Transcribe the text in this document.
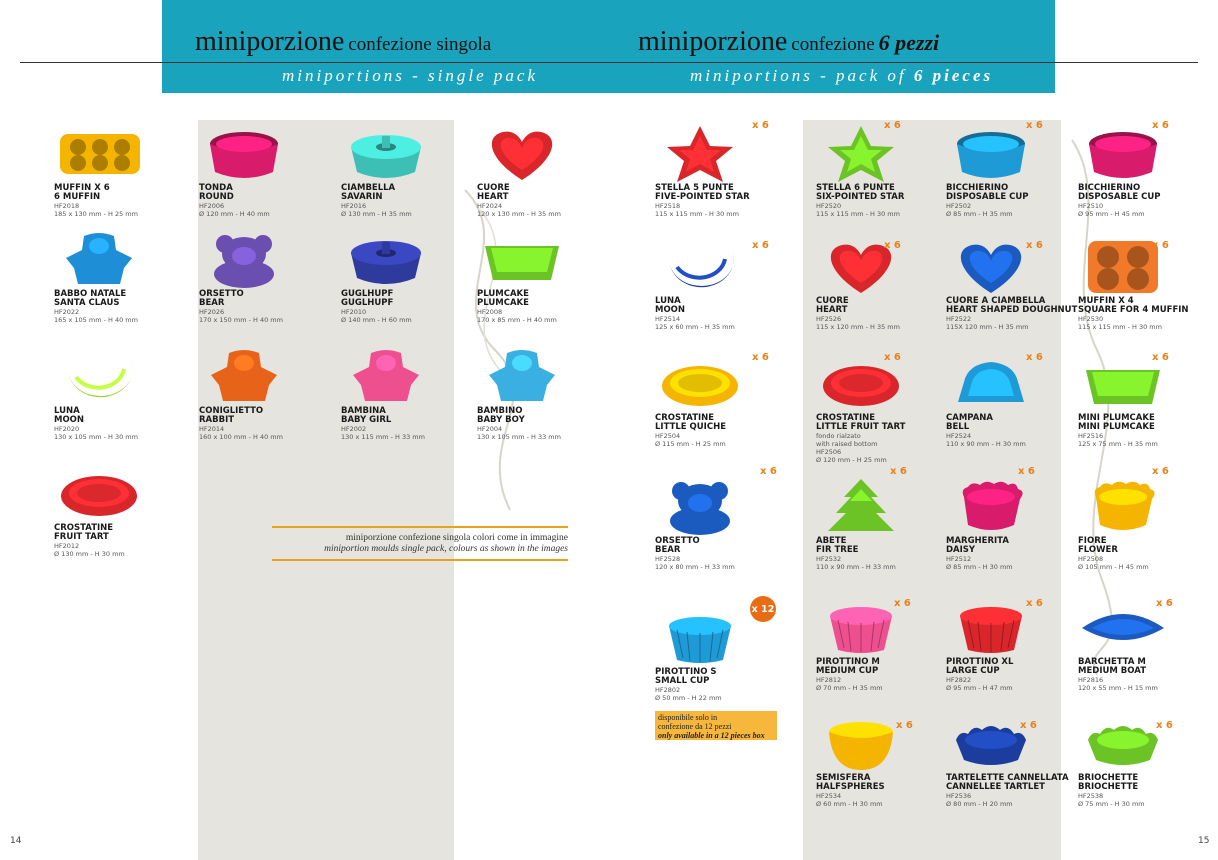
miniporzione confezione singola
miniportions - single pack
miniporzione confezione 6 pezzi
miniportions - pack of 6 pieces
MUFFIN X 6
6 MUFFIN
HF2018
185 x 130 mm - H 25 mm
TONDA
ROUND
HF2006
Ø 120 mm - H 40 mm
CIAMBELLA
SAVARIN
HF2016
Ø 130 mm - H 35 mm
CUORE
HEART
HF2024
120 x 130 mm - H 35 mm
BABBO NATALE
SANTA CLAUS
HF2022
165 x 105 mm - H 40 mm
ORSETTO
BEAR
HF2026
170 x 150 mm - H 40 mm
GUGLHUPF
GUGLHUPF
HF2010
Ø 140 mm - H 60 mm
PLUMCAKE
PLUMCAKE
HF2008
170 x 85 mm - H 40 mm
LUNA
MOON
HF2020
130 x 105 mm - H 30 mm
CONIGLIETTO
RABBIT
HF2014
160 x 100 mm - H 40 mm
BAMBINA
BABY GIRL
HF2002
130 x 115 mm - H 33 mm
BAMBINO
BABY BOY
HF2004
130 x 105 mm - H 33 mm
CROSTATINE
FRUIT TART
HF2012
Ø 130 mm - H 30 mm
STELLA 5 PUNTE
FIVE-POINTED STAR
HF2518
115 x 115 mm - H 30 mm
x 6
STELLA 6 PUNTE
SIX-POINTED STAR
HF2520
115 x 115 mm - H 30 mm
x 6
BICCHIERINO
DISPOSABLE CUP
HF2502
Ø 85 mm - H 35 mm
x 6
BICCHIERINO
DISPOSABLE CUP
HF2510
Ø 95 mm - H 45 mm
x 6
LUNA
MOON
HF2514
125 x 60 mm - H 35 mm
x 6
CUORE
HEART
HF2526
115 x 120 mm - H 35 mm
x 6
CUORE A CIAMBELLA
HEART SHAPED DOUGHNUT
HF2522
115X 120 mm - H 35 mm
x 6
MUFFIN X 4
SQUARE FOR 4 MUFFIN
HF2530
115 x 115 mm - H 30 mm
x 6
CROSTATINE
LITTLE QUICHE
HF2504
Ø 115 mm - H 25 mm
x 6
CROSTATINE
LITTLE FRUIT TART
fondo rialzato
with raised bottom
HF2506
Ø 120 mm - H 25 mm
x 6
CAMPANA
BELL
HF2524
110 x 90 mm - H 30 mm
x 6
MINI PLUMCAKE
MINI PLUMCAKE
HF2516
125 x 75 mm - H 35 mm
x 6
ORSETTO
BEAR
HF2528
120 x 80 mm - H 33 mm
x 6
ABETE
FIR TREE
HF2532
110 x 90 mm - H 33 mm
x 6
MARGHERITA
DAISY
HF2512
Ø 85 mm - H 30 mm
x 6
FIORE
FLOWER
HF2508
Ø 105 mm - H 45 mm
x 6
PIROTTINO S
SMALL CUP
HF2802
Ø 50 mm - H 22 mm
PIROTTINO M
MEDIUM CUP
HF2812
Ø 70 mm - H 35 mm
x 6
PIROTTINO XL
LARGE CUP
HF2822
Ø 95 mm - H 47 mm
x 6
BARCHETTA M
MEDIUM BOAT
HF2816
120 x 55 mm - H 15 mm
x 6
SEMISFERA
HALFSPHERES
HF2534
Ø 60 mm - H 30 mm
x 6
TARTELETTE CANNELLATA
CANNELLEE TARTLET
HF2536
Ø 80 mm - H 20 mm
x 6
BRIOCHETTE
BRIOCHETTE
HF2538
Ø 75 mm - H 30 mm
x 6
miniporzione confezione singola colori come in immagine
miniportion moulds single pack, colours as shown in the images
x 12
disponibile solo in
confezione da 12 pezzi
only available in a 12 pieces box
14	15
